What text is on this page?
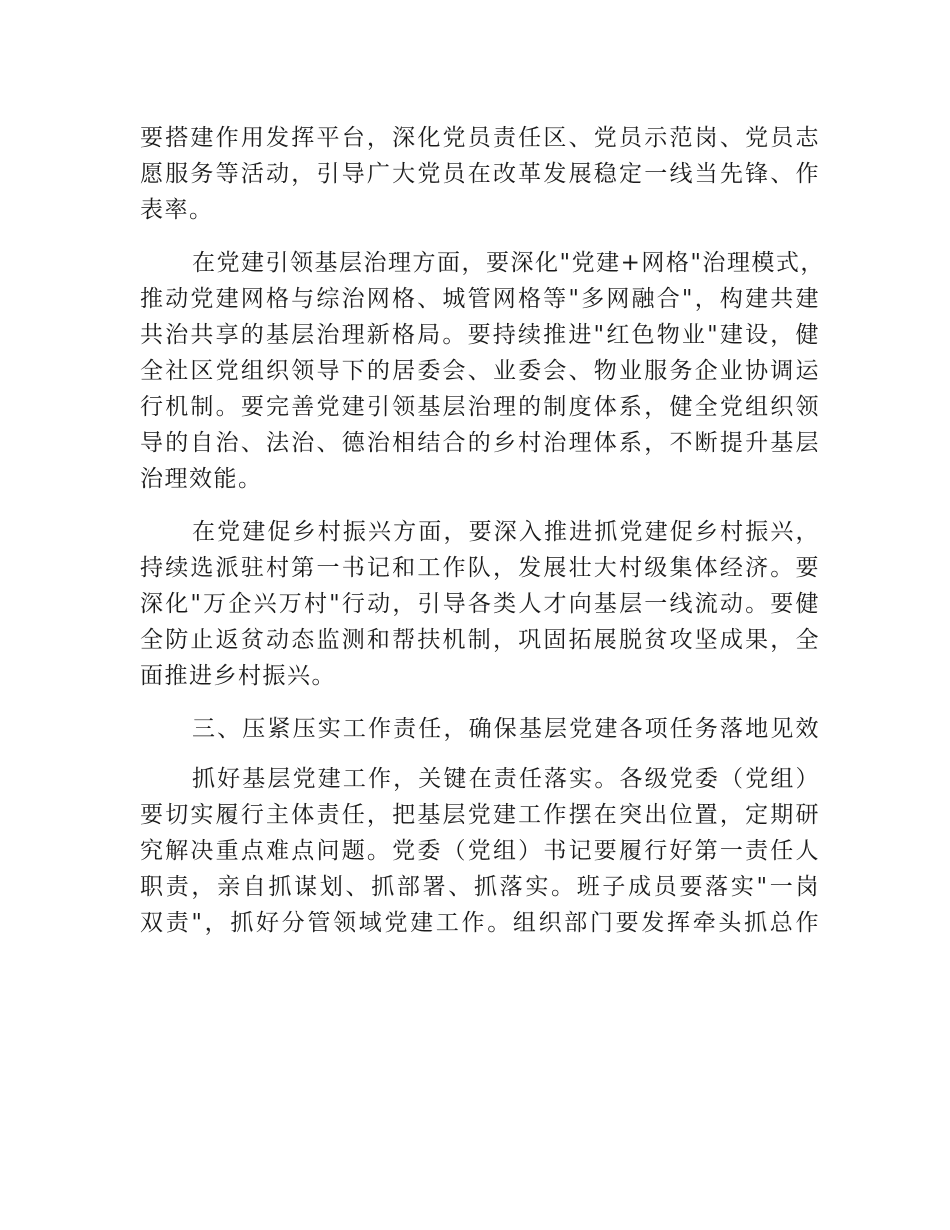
要搭建作用发挥平台，深化党员责任区、党员示范岗、党员志
愿服务等活动，引导广大党员在改革发展稳定一线当先锋、作
表率。
在党建引领基层治理方面，要深化"党建+网格"治理模式，
推动党建网格与综治网格、城管网格等"多网融合"，构建共建
共治共享的基层治理新格局。要持续推进"红色物业"建设，健
全社区党组织领导下的居委会、业委会、物业服务企业协调运
行机制。要完善党建引领基层治理的制度体系，健全党组织领
导的自治、法治、德治相结合的乡村治理体系，不断提升基层
治理效能。
在党建促乡村振兴方面，要深入推进抓党建促乡村振兴，
持续选派驻村第一书记和工作队，发展壮大村级集体经济。要
深化"万企兴万村"行动，引导各类人才向基层一线流动。要健
全防止返贫动态监测和帮扶机制，巩固拓展脱贫攻坚成果，全
面推进乡村振兴。
三、压紧压实工作责任，确保基层党建各项任务落地见效
抓好基层党建工作，关键在责任落实。各级党委（党组）
要切实履行主体责任，把基层党建工作摆在突出位置，定期研
究解决重点难点问题。党委（党组）书记要履行好第一责任人
职责，亲自抓谋划、抓部署、抓落实。班子成员要落实"一岗
双责"，抓好分管领域党建工作。组织部门要发挥牵头抓总作
